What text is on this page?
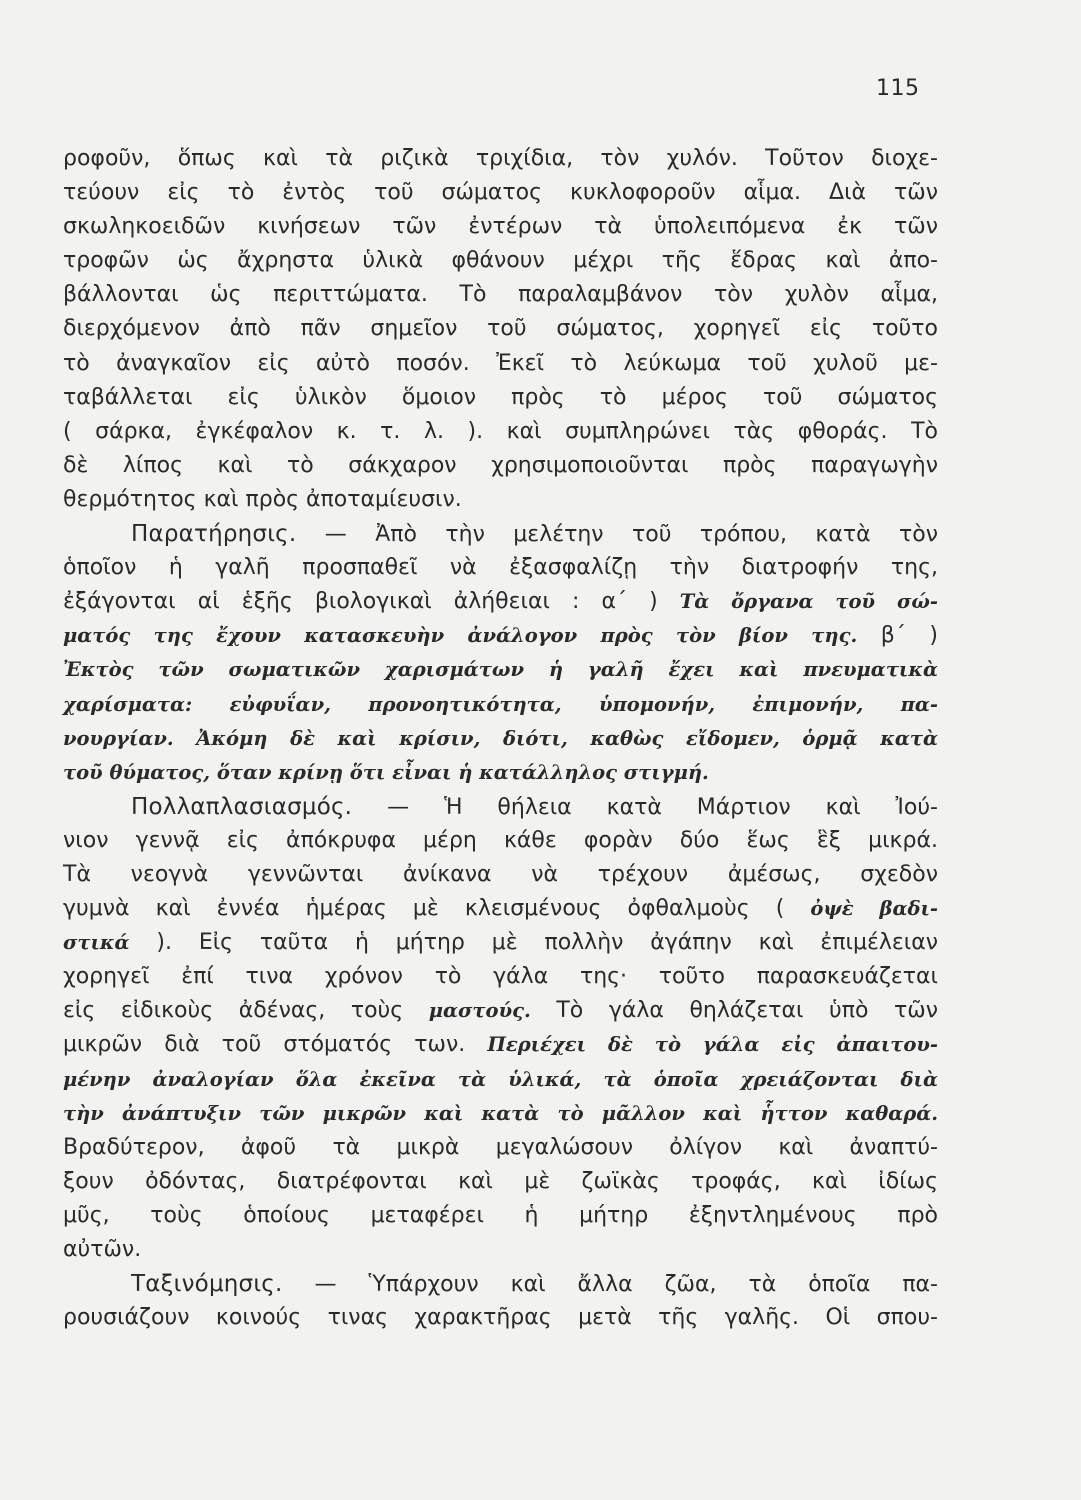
115
ροφοῦν, ὅπως καὶ τὰ ριζικὰ τριχίδια, τὸν χυλόν. Τοῦτον διοχε-
τεύουν εἰς τὸ ἐντὸς τοῦ σώματος κυκλοφοροῦν αἷμα. Διὰ τῶν
σκωληκοειδῶν κινήσεων τῶν ἐντέρων τὰ ὑπολειπόμενα ἐκ τῶν
τροφῶν ὡς ἄχρηστα ὑλικὰ φθάνουν μέχρι τῆς ἕδρας καὶ ἀπο-
βάλλονται ὡς περιττώματα. Τὸ παραλαμβάνον τὸν χυλὸν αἷμα,
διερχόμενον ἀπὸ πᾶν σημεῖον τοῦ σώματος, χορηγεῖ εἰς τοῦτο
τὸ ἀναγκαῖον εἰς αὐτὸ ποσόν. Ἐκεῖ τὸ λεύκωμα τοῦ χυλοῦ με-
ταβάλλεται εἰς ὑλικὸν ὅμοιον πρὸς τὸ μέρος τοῦ σώματος
( σάρκα, ἐγκέφαλον κ. τ. λ. ). καὶ συμπληρώνει τὰς φθοράς. Τὸ
δὲ λίπος καὶ τὸ σάκχαρον χρησιμοποιοῦνται πρὸς παραγωγὴν
θερμότητος καὶ πρὸς ἀποταμίευσιν.
Παρατήρησις. — Ἀπὸ τὴν μελέτην τοῦ τρόπου, κατὰ τὸν
ὁποῖον ἡ γαλῆ προσπαθεῖ νὰ ἐξασφαλίζῃ τὴν διατροφήν της,
ἐξάγονται αἱ ἑξῆς βιολογικαὶ ἀλήθειαι : α΄ ) Τὰ ὄργανα τοῦ σώ-
ματός της ἔχουν κατασκευὴν ἀνάλογον πρὸς τὸν βίον της. β΄ )
Ἐκτὸς τῶν σωματικῶν χαρισμάτων ἡ γαλῆ ἔχει καὶ πνευματικὰ
χαρίσματα: εὐφυΐαν, προνοητικότητα, ὑπομονήν, ἐπιμονήν, πα-
νουργίαν. Ἀκόμη δὲ καὶ κρίσιν, διότι, καθὼς εἴδομεν, ὁρμᾷ κατὰ
τοῦ θύματος, ὅταν κρίνῃ ὅτι εἶναι ἡ κατάλληλος στιγμή.
Πολλαπλασιασμός. — Ἡ θήλεια κατὰ Μάρτιον καὶ Ἰού-
νιον γεννᾷ εἰς ἀπόκρυφα μέρη κάθε φορὰν δύο ἕως ἓξ μικρά.
Τὰ νεογνὰ γεννῶνται ἀνίκανα νὰ τρέχουν ἀμέσως, σχεδὸν
γυμνὰ καὶ ἐννέα ἡμέρας μὲ κλεισμένους ὀφθαλμοὺς ( ὀψὲ βαδι-
στικά ). Εἰς ταῦτα ἡ μήτηρ μὲ πολλὴν ἀγάπην καὶ ἐπιμέλειαν
χορηγεῖ ἐπί τινα χρόνον τὸ γάλα της· τοῦτο παρασκευάζεται
εἰς εἰδικοὺς ἀδένας, τοὺς μαστούς. Τὸ γάλα θηλάζεται ὑπὸ τῶν
μικρῶν διὰ τοῦ στόματός των. Περιέχει δὲ τὸ γάλα εἰς ἀπαιτου-
μένην ἀναλογίαν ὅλα ἐκεῖνα τὰ ὑλικά, τὰ ὁποῖα χρειάζονται διὰ
τὴν ἀνάπτυξιν τῶν μικρῶν καὶ κατὰ τὸ μᾶλλον καὶ ἧττον καθαρά.
Βραδύτερον, ἀφοῦ τὰ μικρὰ μεγαλώσουν ὀλίγον καὶ ἀναπτύ-
ξουν ὀδόντας, διατρέφονται καὶ μὲ ζωϊκὰς τροφάς, καὶ ἰδίως
μῦς, τοὺς ὁποίους μεταφέρει ἡ μήτηρ ἐξηντλημένους πρὸ
αὐτῶν.
Ταξινόμησις. — Ὑπάρχουν καὶ ἄλλα ζῶα, τὰ ὁποῖα πα-
ρουσιάζουν κοινούς τινας χαρακτῆρας μετὰ τῆς γαλῆς. Οἱ σπου-
